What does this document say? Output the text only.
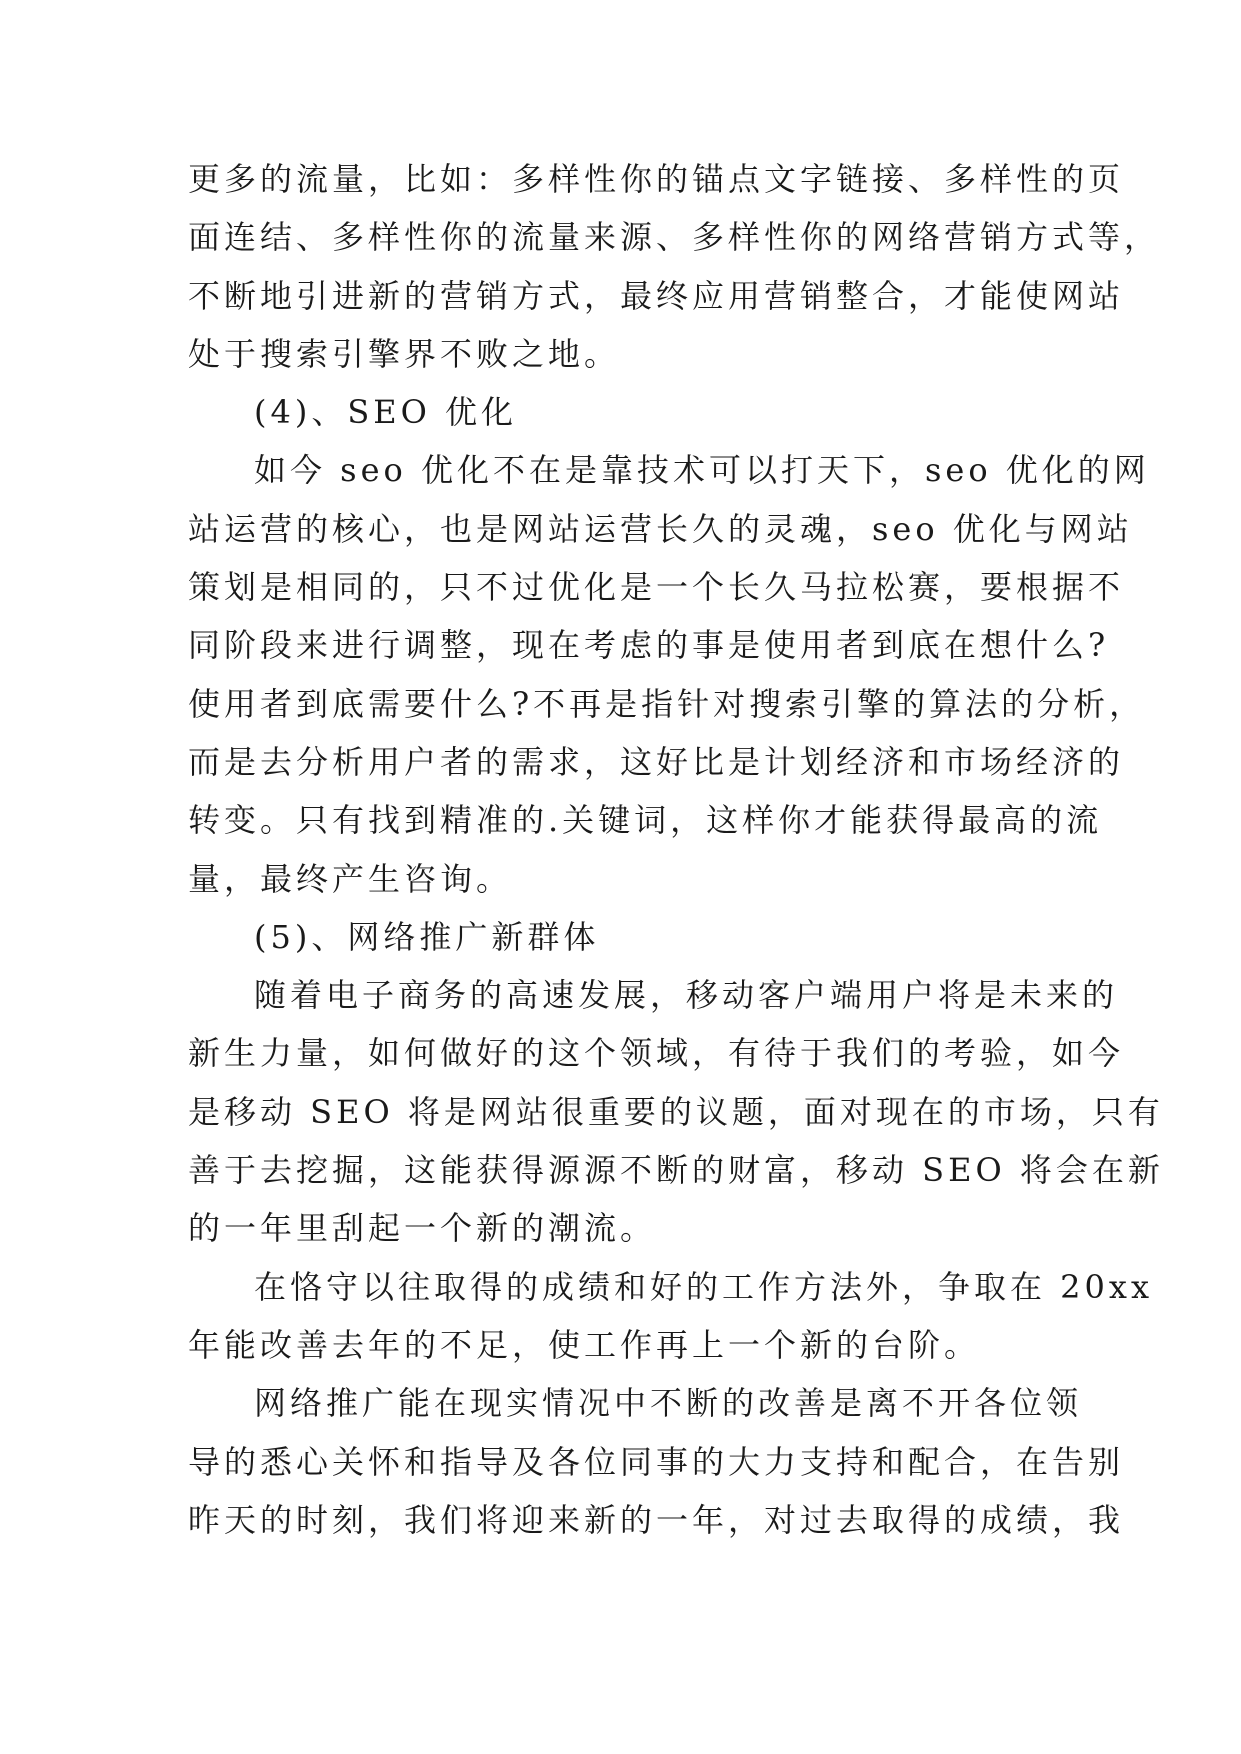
更多的流量，比如：多样性你的锚点文字链接、多样性的页
面连结、多样性你的流量来源、多样性你的网络营销方式等，
不断地引进新的营销方式，最终应用营销整合，才能使网站
处于搜索引擎界不败之地。
(4)、SEO 优化
如今 seo 优化不在是靠技术可以打天下，seo 优化的网
站运营的核心，也是网站运营长久的灵魂，seo 优化与网站
策划是相同的，只不过优化是一个长久马拉松赛，要根据不
同阶段来进行调整，现在考虑的事是使用者到底在想什么?
使用者到底需要什么?不再是指针对搜索引擎的算法的分析，
而是去分析用户者的需求，这好比是计划经济和市场经济的
转变。只有找到精准的.关键词，这样你才能获得最高的流
量，最终产生咨询。
(5)、网络推广新群体
随着电子商务的高速发展，移动客户端用户将是未来的
新生力量，如何做好的这个领域，有待于我们的考验，如今
是移动 SEO 将是网站很重要的议题，面对现在的市场，只有
善于去挖掘，这能获得源源不断的财富，移动 SEO 将会在新
的一年里刮起一个新的潮流。
在恪守以往取得的成绩和好的工作方法外，争取在 20xx
年能改善去年的不足，使工作再上一个新的台阶。
网络推广能在现实情况中不断的改善是离不开各位领
导的悉心关怀和指导及各位同事的大力支持和配合，在告别
昨天的时刻，我们将迎来新的一年，对过去取得的成绩，我
